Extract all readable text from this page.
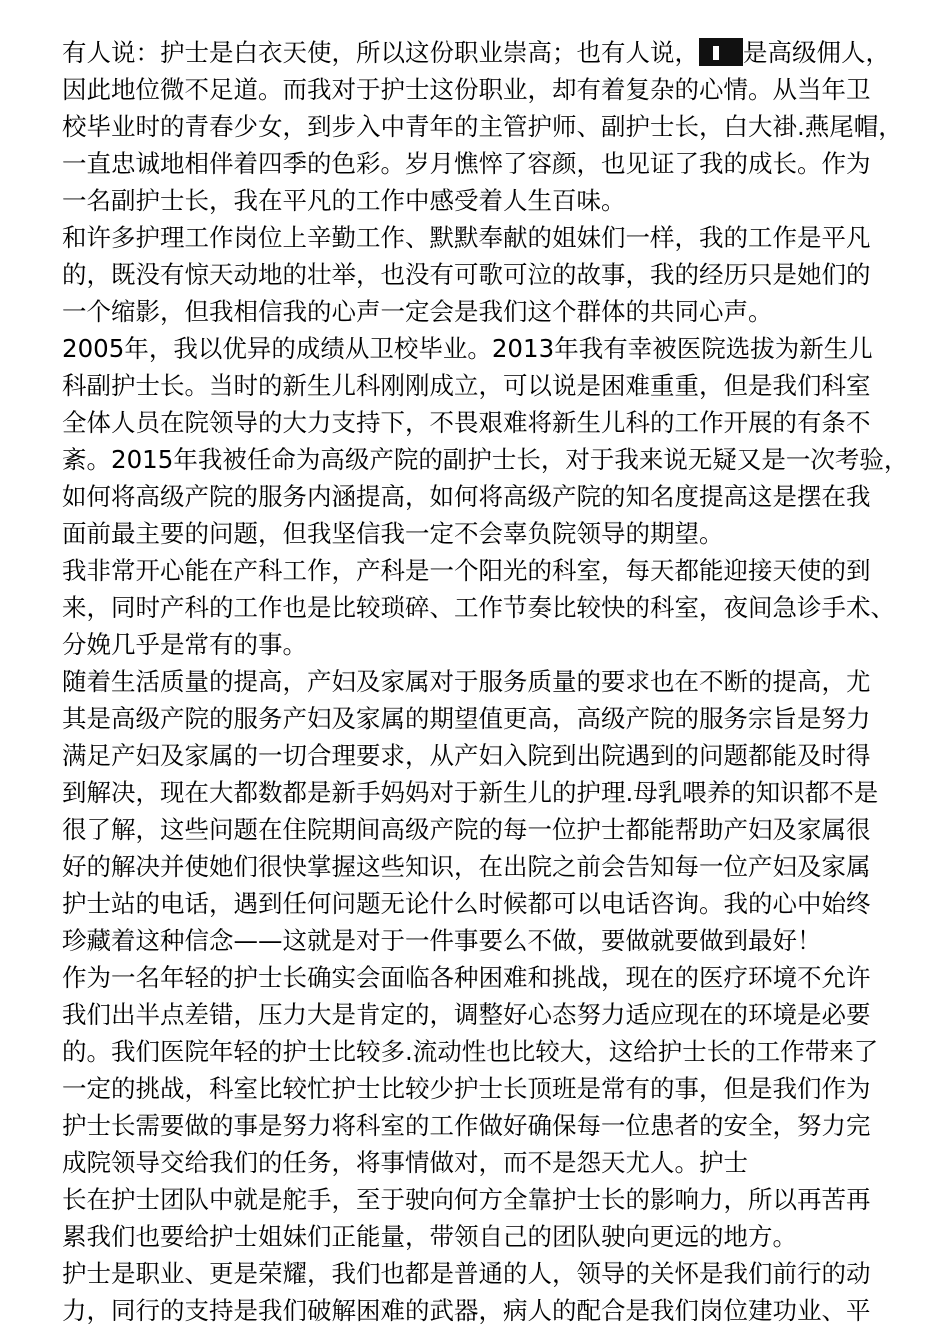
有人说：护士是白衣天使，所以这份职业崇高；也有人说， 是高级佣人，
因此地位微不足道。而我对于护士这份职业，却有着复杂的心情。从当年卫
校毕业时的青春少女，到步入中青年的主管护师、副护士长，白大褂.燕尾帽，
一直忠诚地相伴着四季的色彩。岁月憔悴了容颜，也见证了我的成长。作为
一名副护士长，我在平凡的工作中感受着人生百味。
和许多护理工作岗位上辛勤工作、默默奉献的姐妹们一样，我的工作是平凡
的，既没有惊天动地的壮举，也没有可歌可泣的故事，我的经历只是她们的
一个缩影，但我相信我的心声一定会是我们这个群体的共同心声。
2005年，我以优异的成绩从卫校毕业。2013年我有幸被医院选拔为新生儿
科副护士长。当时的新生儿科刚刚成立，可以说是困难重重，但是我们科室
全体人员在院领导的大力支持下，不畏艰难将新生儿科的工作开展的有条不
紊。2015年我被任命为高级产院的副护士长，对于我来说无疑又是一次考验，
如何将高级产院的服务内涵提高，如何将高级产院的知名度提高这是摆在我
面前最主要的问题，但我坚信我一定不会辜负院领导的期望。
我非常开心能在产科工作，产科是一个阳光的科室，每天都能迎接天使的到
来，同时产科的工作也是比较琐碎、工作节奏比较快的科室，夜间急诊手术、
分娩几乎是常有的事。
随着生活质量的提高，产妇及家属对于服务质量的要求也在不断的提高，尤
其是高级产院的服务产妇及家属的期望值更高，高级产院的服务宗旨是努力
满足产妇及家属的一切合理要求，从产妇入院到出院遇到的问题都能及时得
到解决，现在大都数都是新手妈妈对于新生儿的护理.母乳喂养的知识都不是
很了解，这些问题在住院期间高级产院的每一位护士都能帮助产妇及家属很
好的解决并使她们很快掌握这些知识，在出院之前会告知每一位产妇及家属
护士站的电话，遇到任何问题无论什么时候都可以电话咨询。我的心中始终
珍藏着这种信念——这就是对于一件事要么不做，要做就要做到最好！
作为一名年轻的护士长确实会面临各种困难和挑战，现在的医疗环境不允许
我们出半点差错，压力大是肯定的，调整好心态努力适应现在的环境是必要
的。我们医院年轻的护士比较多.流动性也比较大，这给护士长的工作带来了
一定的挑战，科室比较忙护士比较少护士长顶班是常有的事，但是我们作为
护士长需要做的事是努力将科室的工作做好确保每一位患者的安全，努力完
成院领导交给我们的任务，将事情做对，而不是怨天尤人。护士
长在护士团队中就是舵手，至于驶向何方全靠护士长的影响力，所以再苦再
累我们也要给护士姐妹们正能量，带领自己的团队驶向更远的地方。
护士是职业、更是荣耀，我们也都是普通的人，领导的关怀是我们前行的动
力，同行的支持是我们破解困难的武器，病人的配合是我们岗位建功业、平
